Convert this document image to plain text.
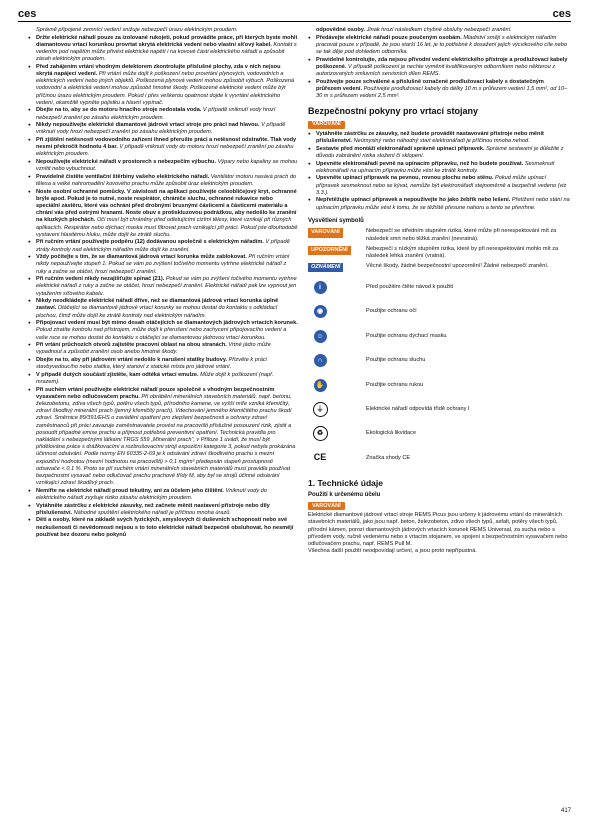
ces	ces
Správně připojené zemnící vedení snižuje nebezpečí úrazu elektrickým proudem.
● Držte elektrické nářadí pouze za izolované rukojeti, pokud provádíte práce, při kterých byste mohli diamantovou vrtací korunkou provrtat skrytá elektrická vedení nebo vlastní síťový kabel. Kontakt s vedením pod napětím může přivést elektrické napětí i na kovové části elektrického nářadí a způsobit zásah elektrickým proudem.
● Před zahájením vrtání vhodným detektorem zkontrolujte příslušné plochy, zda v nich nejsou skrytá napájecí vedení. Při vrtání může dojít k poškození nebo provrtání plynových, vodovodních a elektrických vedení nebo jiných objektů. Poškozená plynová vedení mohou způsobit výbuch. Poškozená vodovodní a elektrická vedení mohou způsobit hmotné škody. Poškozené elektrické vedení může být příčinou úrazu elektrickým proudem. Pokud i přes veškerou opatrnost dojde k vyvrtání elektrického vedení, okamžitě vypněte pojistku a hlavní vypínač.
● Dbejte na to, aby se do motoru hnacího stroje nedostala voda. V případě vniknutí vody hrozí nebezpečí zranění po zásahu elektrickým proudem.
● Nikdy nepoužívejte elektrické diamantové jádrové vrtací stroje pro práci nad hlavou. V případě vniknutí vody hrozí nebezpečí zranění po zásahu elektrickým proudem.
● Při zjištění netěsnosti vodovodního zařízení ihned přerušte práci a netěsnost odstraňte. Tlak vody nesmí překročit hodnotu 4 bar. V případě vniknutí vody do motoru hrozí nebezpečí zranění po zásahu elektrickým proudem.
● Nepoužívejte elektrické nářadí v prostorech s nebezpečím výbuchu. Výpary nebo kapaliny se mohou vznítit nebo vybuchnout.
● Pravidelně čistěte ventilační štěrbiny vašeho elektrického nářadí. Ventilátor motoru nasává prach do tělesa a velké nahromadění kovového prachu může způsobit úraz elektrickým proudem.
● Noste osobní ochranné pomůcky. V závislosti na aplikaci používejte celoobličejový kryt, ochranné brýle apod. Pokud je to nutné, noste respirátor, chrániče sluchu, ochranné rukavice nebo speciální zástěru, které vás ochrání před drobnými brusnými částicemi a částicemi materiálu a chrání vás před ostrými hranami. Noste obuv s protiskluzovou podrážkou, aby nedošlo ke zranění na kluzkých plochách. Oči musí být chráněny před odletujícími cizími tělesy, které vznikají při různých aplikacích. Respirátor nebo dýchací maska musí filtrovat prach vznikající při práci. Pokud jste dlouhodobě vystaveni hlasitému hluku, může dojít ke ztrátě sluchu.
● Při ručním vrtání používejte podpěru (12) dodávanou společně s elektrickým nářadím. V případě ztráty kontroly nad elektrickým nářadím může dojít ke zranění.
● Vždy počítejte s tím, že se diamantová jádrová vrtací korunka může zablokovat. Při ručním vrtání nikdy nepoužívejte stupeň 1. Pokud se vám po zvýšení točivého momentu vytrhne elektrické nářadí z ruky a začne se otáčet, hrozí nebezpečí zranění.
● Při ručním vedení nikdy nezajišťujte spínač (21). Pokud se vám po zvýšení točivého momentu vytrhne elektrické nářadí z ruky a začne se otáčet, hrozí nebezpečí zranění. Elektrické nářadí pak lze vypnout jen vytažením síťového kabelu.
● Nikdy neodkládejte elektrické nářadí dříve, než se diamantová jádrová vrtací korunka úplně zastaví. Otáčející se diamantové jádrové vrtací korunky se mohou dostat do kontaktu s odkládací plochou, čímž může dojít ke ztrátě kontroly nad elektrickým nářadím.
● Připojovací vedení musí být mimo dosah otáčejících se diamantových jádrových vrtacích korunek. Pokud ztratíte kontrolu nad přístrojem, může dojít k přerušení nebo zachycení připojovacího vedení a vaše ruce se mohou dostat do kontaktu s otáčející se diamantovou jádrovou vrtací korunkou.
● Při vrtání průchozích otvorů zajistěte pracovní oblast na obou stranách. Vrtné jádro může vypadnout a způsobit zranění osob anebo hmotné škody.
● Dbejte na to, aby při jádrovém vrtání nedošlo k narušení statiky budovy. Přizvěte k práci stavbyvedoucího nebo statika, který stanoví z statické místa pro jádrové vrtání.
● V případě dutých součástí zjistěte, kam odtéká vrtací emulze. Může dojít k poškození (např. mrazem).
● Při suchém vrtání používejte elektrické nářadí pouze společně s vhodným bezpečnostním vysavačem nebo odlučovačem prachu. Při obrábění minerálních stavebních materiálů, např. betonu, železobetonu, zdiva všech typů, potěru všech typů, přírodního kamene, ve vyšší míře vzniká křemičitý, zdraví škodlivý minerální prach (jemný křemičitý prach). Vdechování jemného křemičitého prachu škodí zdraví. Směrnice 89/391/EHS o zavádění opatření pro zlepšení bezpečnosti a ochrany zdraví zaměstnanců při práci zavazuje zaměstnavatele provést na pracovišti příslušné posouzení rizik, zjistit a posoudit případné emise prachu a přijmout potřebná preventivní opatření. Technická pravidla pro nakládání s nebezpečnými látkami TRGS 559 „Minerální prach“, v Příloze 1 uvádí, že musí být přidělována práce s drážkovacími a rozbrušovacími stroji expoziční kategorie 3, pokud nebyla prokázána účinnost odsávání. Podle normy EN 60335-2-69 je k odsávání zdraví škodlivého prachu s mezní expoziční hodnotou (mezní hodnotou na pracovišti) > 0,1 mg/m³ předepsán stupeň prostupnosti odsavače < 0,1 %. Proto se při suchém vrtání minerálních stavebních materiálů musí pravidla používat bezpečnostní vysavač nebo odlučovač prachu prachové třídy M, aby byl se strojů účinné odsávání vznikající zdraví škodlivý prach.
● Nemířte na elektrické nářadí proud tekutiny, ani za účelem jeho čištění. Vniknutí vody do elektrického nářadí zvyšuje riziko zásahu elektrickým proudem.
● Vytáhněte zástrčku z elektrické zásuvky, než začnete měnit nastavení přístroje nebo díly příslušenství. Náhodné spuštění elektrického nářadí je příčinou mnoha úrazů.
● Děti a osoby, které na základě svých fyzických, smyslových či duševních schopností nebo své nezkušenosti či nevědomosti nejsou s to toto elektrické nářadí bezpečně obsluhovat, ho nesmějí používat bez dozoru nebo pokynů
odpovědné osoby. Jinak hrozí následkem chybné obsluhy nebezpečí zranění.
● Předávejte elektrické nářadí pouze poučeným osobám. Mladiství smějí s elektrickým nářadím pracovat pouze v případě, že jsou starší 16 let, je to potřebné k dosažení jejich výcvikového cíle nebo se tak děje pod dohledem odborníka.
● Pravidelně kontrolujte, zda nejsou přívodní vedení elektrického přístroje a prodlužovací kabely poškozené. V případě poškození je nechte vyměnit kvalifikovaným odborníkem nebo některou z autorizovaných smluvních servisních dílen REMS.
● Používejte pouze schválené a příslušně označené prodlužovací kabely s dostatečným průřezem vedení. Používejte prodlužovací kabely do délky 10 m s průřezem vedení 1,5 mm², od 10–30 m s průřezem vedení 2,5 mm².
Bezpečnostní pokyny pro vrtací stojany
VAROVÁNÍ
● Vytáhněte zástrčku ze zásuvky, než budete provádět nastavování přístroje nebo měnit příslušenství. Neúmyslný nebo náhodný start elektronářadí je příčinou mnoha nehod.
● Sestavte před montáží elektronářadí správně upínací přípravek. Správné sestavení je důležité z důvodu zabránění rizika složení či sklopení.
● Upevněte elektronářadí pevně na upínacím přípravku, než ho budete používat. Sesmeknutí elektronářadí na upínacím přípravku může vést ke ztrátě kontroly.
● Upevněte upínací přípravek na pevnou, rovnou plochu nebo stěnu. Pokud může upínací přípravek sesmeknout nebo se kývat, nemůže být elektronářadí stejnoměrně a bezpečně vedeno (viz 3.3.).
● Nepřetěžujte upínací přípravek a nepoužívejte ho jako žebřík nebo lešení. Přetížení nebo stání na upínacím přípravku může vést k tomu, že se těžiště přesune nahoru a tento se převrhne.
Vysvětlení symbolů
VAROVÁNÍ	Nebezpečí se středním stupněm rizika, které může při nerespektování mít za následek smrt nebo těžká zranění (nevratná).
UPOZORNĚNÍ	Nebezpečí s nízkým stupněm rizika, které by při nerespektování mohlo mít za následek lehká zranění (vratná).
OZNÁMENÍ	Věcné škody, žádné bezpečnostní upozornění! Žádné nebezpečí zranění.
i	Před použitím čtěte návod k použití
◉	Použijte ochranu očí
☺	Použijte ochranu dýchací masku
∩	Použijte ochranu sluchu
✋	Použijte ochranu rukou
⏚	Elektrické nářadí odpovídá třídě ochrany I
♻	Ekologická likvidace
CE	Značka shody CE
1. Technické údaje
Použití k určenému účelu
VAROVÁNÍ
Elektrické diamantové jádrové vrtací stroje REMS Picus jsou určeny k jádrovému vrtání do minerálních stavebních materiálů, jako jsou např. beton, železobeton, zdivo všech typů, asfalt, potěry všech typů, přírodní kámen, porozí diamantových jádrových vrtacích korunek REMS Universal, za sucha nebo s přívodem vody, ručně vedenému nebo s vrtacím stojanem, ve spojení s bezpečnostním vysavačem nebo odlučovačem prachu, např. REMS Pull M.
Všechna další použití neodpovídají určení, a jsou proto nepřípustná.
417
